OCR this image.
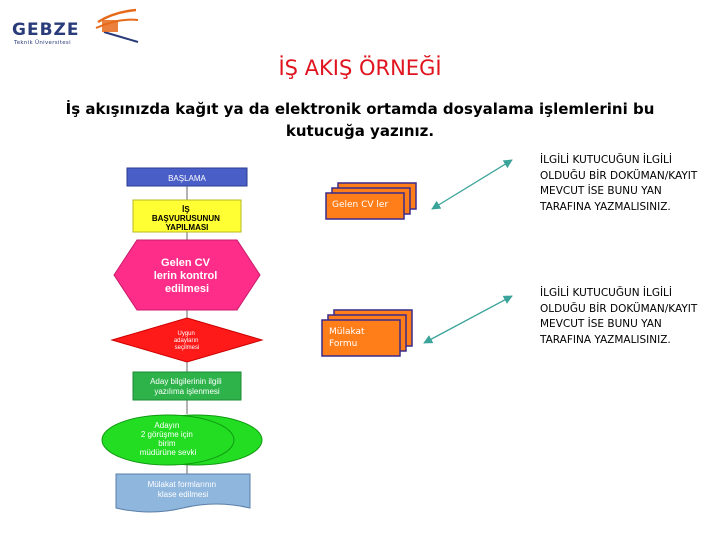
GEBZE
Teknik Üniversitesi
İŞ AKIŞ ÖRNEĞİ
İş akışınızda kağıt ya da elektronik ortamda dosyalama işlemlerini bu kutucuğa yazınız.
BAŞLAMA
İŞ BAŞVURUSUNUN YAPILMASI
Gelen CV lerin kontrol edilmesi
Uygun adayların seçilmesi
Aday bilgilerinin ilgili yazılıma işlenmesi
Adayın 2 görüşme için birim müdürüne sevki
Mülakat formlarının klase edilmesi
Gelen CV ler
Mülakat Formu
İLGİLİ KUTUCUĞUN İLGİLİ OLDUĞU BİR DOKÜMAN/KAYIT MEVCUT İSE BUNU YAN TARAFINA YAZMALISINIZ.
İLGİLİ KUTUCUĞUN İLGİLİ OLDUĞU BİR DOKÜMAN/KAYIT MEVCUT İSE BUNU YAN TARAFINA YAZMALISINIZ.
